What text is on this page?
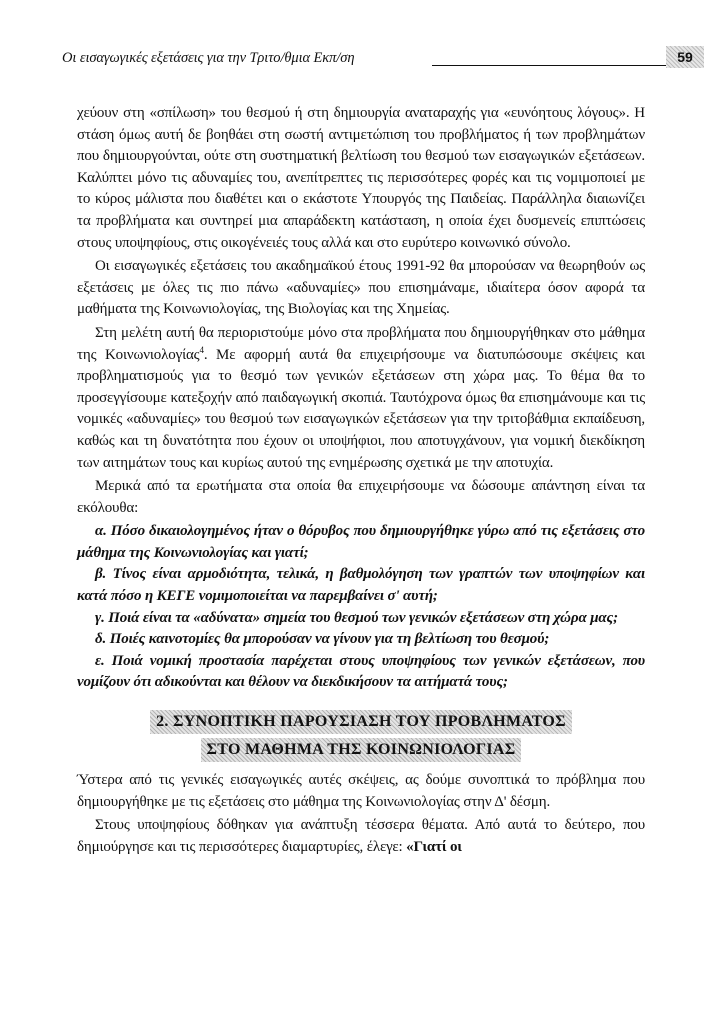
Οι εισαγωγικές εξετάσεις για την Τριτο/θμια Εκπ/ση	59

χεύουν στη «σπίλωση» του θεσμού ή στη δημιουργία αναταραχής για «ευνόητους λόγους». Η στάση όμως αυτή δε βοηθάει στη σωστή αντιμετώπιση του προβλήματος ή των προβλημάτων που δημιουργούνται, ούτε στη συστηματική βελτίωση του θεσμού των εισαγωγικών εξετάσεων. Καλύπτει μόνο τις αδυναμίες του, ανεπίτρεπτες τις περισσότερες φορές και τις νομιμοποιεί με το κύρος μάλιστα που διαθέτει και ο εκάστοτε Υπουργός της Παιδείας. Παράλληλα διαιωνίζει τα προβλήματα και συντηρεί μια απαράδεκτη κατάσταση, η οποία έχει δυσμενείς επιπτώσεις στους υποψηφίους, στις οικογένειές τους αλλά και στο ευρύτερο κοινωνικό σύνολο.

Οι εισαγωγικές εξετάσεις του ακαδημαϊκού έτους 1991-92 θα μπορούσαν να θεωρηθούν ως εξετάσεις με όλες τις πιο πάνω «αδυναμίες» που επισημάναμε, ιδιαίτερα όσον αφορά τα μαθήματα της Κοινωνιολογίας, της Βιολογίας και της Χημείας.

Στη μελέτη αυτή θα περιοριστούμε μόνο στα προβλήματα που δημιουργήθηκαν στο μάθημα της Κοινωνιολογίας$^4$. Με αφορμή αυτά θα επιχειρήσουμε να διατυπώσουμε σκέψεις και προβληματισμούς για το θεσμό των γενικών εξετάσεων στη χώρα μας. Το θέμα θα το προσεγγίσουμε κατεξοχήν από παιδαγωγική σκοπιά. Ταυτόχρονα όμως θα επισημάνουμε και τις νομικές «αδυναμίες» του θεσμού των εισαγωγικών εξετάσεων για την τριτοβάθμια εκπαίδευση, καθώς και τη δυνατότητα που έχουν οι υποψήφιοι, που αποτυγχάνουν, για νομική διεκδίκηση των αιτημάτων τους και κυρίως αυτού της ενημέρωσης σχετικά με την αποτυχία.

Μερικά από τα ερωτήματα στα οποία θα επιχειρήσουμε να δώσουμε απάντηση είναι τα εκόλουθα:

α. Πόσο δικαιολογημένος ήταν ο θόρυβος που δημιουργήθηκε γύρω από τις εξετάσεις στο μάθημα της Κοινωνιολογίας και γιατί;

β. Τίνος είναι αρμοδιότητα, τελικά, η βαθμολόγηση των γραπτών των υποψηφίων και κατά πόσο η ΚΕΓΕ νομιμοποιείται να παρεμβαίνει σ' αυτή;

γ. Ποιά είναι τα «αδύνατα» σημεία του θεσμού των γενικών εξετάσεων στη χώρα μας;

δ. Ποιές καινοτομίες θα μπορούσαν να γίνουν για τη βελτίωση του θεσμού;

ε. Ποιά νομική προστασία παρέχεται στους υποψηφίους των γενικών εξετάσεων, που νομίζουν ότι αδικούνται και θέλουν να διεκδικήσουν τα αιτήματά τους;

2. ΣΥΝΟΠΤΙΚΗ ΠΑΡΟΥΣΙΑΣΗ ΤΟΥ ΠΡΟΒΛΗΜΑΤΟΣ
ΣΤΟ ΜΑΘΗΜΑ ΤΗΣ ΚΟΙΝΩΝΙΟΛΟΓΙΑΣ

Ύστερα από τις γενικές εισαγωγικές αυτές σκέψεις, ας δούμε συνοπτικά το πρόβλημα που δημιουργήθηκε με τις εξετάσεις στο μάθημα της Κοινωνιολογίας στην Δ' δέσμη.

Στους υποψηφίους δόθηκαν για ανάπτυξη τέσσερα θέματα. Από αυτά το δεύτερο, που δημιούργησε και τις περισσότερες διαμαρτυρίες, έλεγε: «Γιατί οι
